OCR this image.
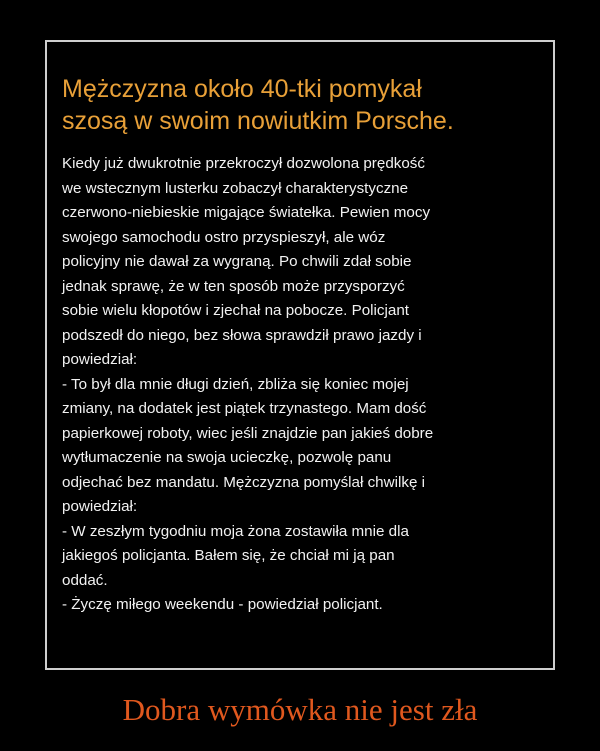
Mężczyzna około 40-tki pomykał
szosą w swoim nowiutkim Porsche.
Kiedy już dwukrotnie przekroczył dozwolona prędkość
we wstecznym lusterku zobaczył charakterystyczne
czerwono-niebieskie migające światełka. Pewien mocy
swojego samochodu ostro przyspieszył, ale wóz
policyjny nie dawał za wygraną. Po chwili zdał sobie
jednak sprawę, że w ten sposób może przysporzyć
sobie wielu kłopotów i zjechał na pobocze. Policjant
podszedł do niego, bez słowa sprawdził prawo jazdy i
powiedział:
- To był dla mnie długi dzień, zbliża się koniec mojej
zmiany, na dodatek jest piątek trzynastego. Mam dość
papierkowej roboty, wiec jeśli znajdzie pan jakieś dobre
wytłumaczenie na swoja ucieczkę, pozwolę panu
odjechać bez mandatu. Mężczyzna pomyślał chwilkę i
powiedział:
- W zeszłym tygodniu moja żona zostawiła mnie dla
jakiegoś policjanta. Bałem się, że chciał mi ją pan
oddać.
- Życzę miłego weekendu - powiedział policjant.
Dobra wymówka nie jest zła
